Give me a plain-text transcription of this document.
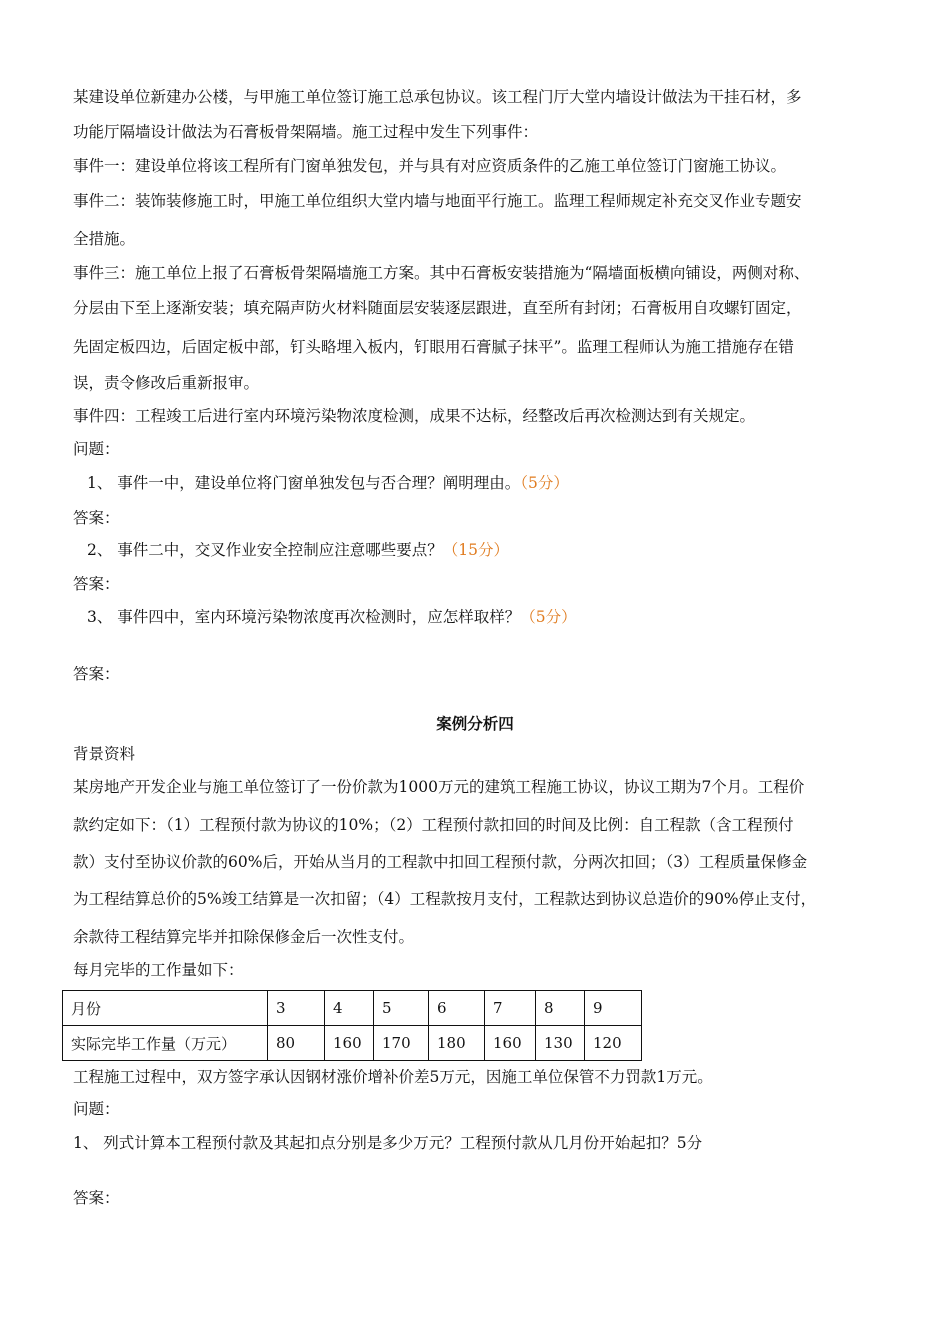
某建设单位新建办公楼，与甲施工单位签订施工总承包协议。该工程门厅大堂内墙设计做法为干挂石材，多
功能厅隔墙设计做法为石膏板骨架隔墙。施工过程中发生下列事件：
事件一：建设单位将该工程所有门窗单独发包，并与具有对应资质条件的乙施工单位签订门窗施工协议。
事件二：装饰装修施工时，甲施工单位组织大堂内墙与地面平行施工。监理工程师规定补充交叉作业专题安
全措施。
事件三：施工单位上报了石膏板骨架隔墙施工方案。其中石膏板安装措施为“隔墙面板横向铺设，两侧对称、
分层由下至上逐渐安装；填充隔声防火材料随面层安装逐层跟进，直至所有封闭；石膏板用自攻螺钉固定，
先固定板四边，后固定板中部，钉头略埋入板内，钉眼用石膏腻子抹平”。监理工程师认为施工措施存在错
误，责令修改后重新报审。
事件四：工程竣工后进行室内环境污染物浓度检测，成果不达标，经整改后再次检测达到有关规定。
问题：
1、 事件一中，建设单位将门窗单独发包与否合理？阐明理由。（5分）
答案：
2、 事件二中，交叉作业安全控制应注意哪些要点？（15分）
答案：
3、 事件四中，室内环境污染物浓度再次检测时，应怎样取样？（5分）
答案：
案例分析四
背景资料
某房地产开发企业与施工单位签订了一份价款为1000万元的建筑工程施工协议，协议工期为7个月。工程价
款约定如下：（1）工程预付款为协议的10%；（2）工程预付款扣回的时间及比例：自工程款（含工程预付
款）支付至协议价款的60%后，开始从当月的工程款中扣回工程预付款，分两次扣回；（3）工程质量保修金
为工程结算总价的5%竣工结算是一次扣留；（4）工程款按月支付，工程款达到协议总造价的90%停止支付，
余款待工程结算完毕并扣除保修金后一次性支付。
每月完毕的工作量如下：
月份	3	4	5	6	7	8	9
实际完毕工作量（万元）	80	160	170	180	160	130	120
工程施工过程中，双方签字承认因钢材涨价增补价差5万元，因施工单位保管不力罚款1万元。
问题：
1、 列式计算本工程预付款及其起扣点分别是多少万元？工程预付款从几月份开始起扣？5分
答案：
